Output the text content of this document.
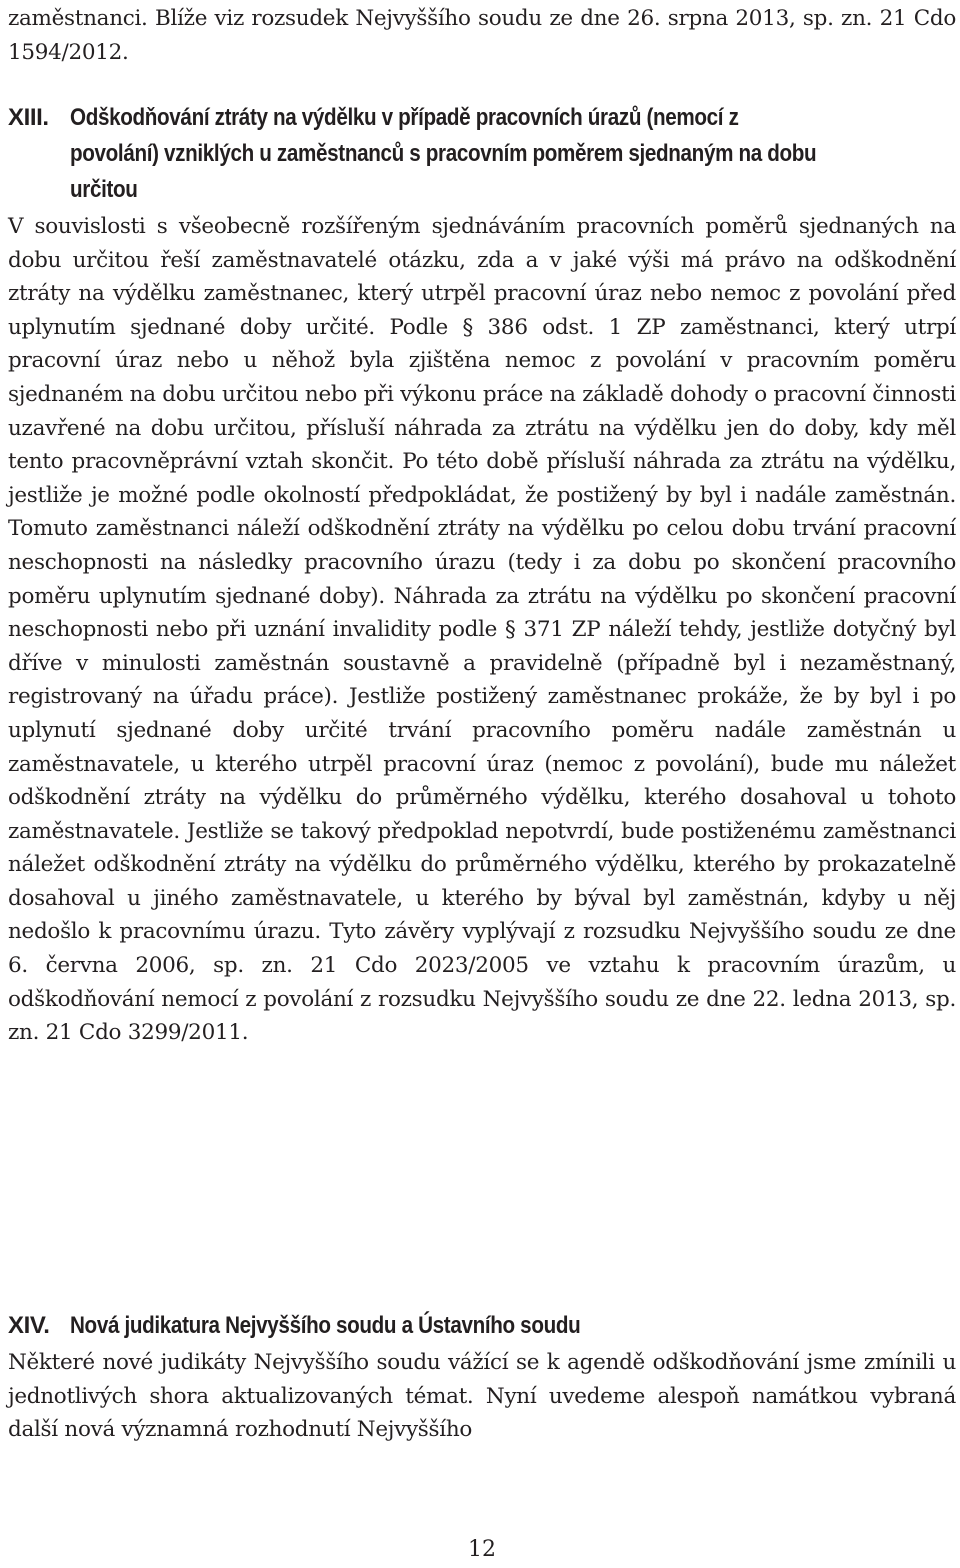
zaměstnanci. Blíže viz rozsudek Nejvyššího soudu ze dne 26. srpna 2013, sp. zn. 21 Cdo 1594/2012.

XIII. Odškodňování ztráty na výdělku v případě pracovních úrazů (nemocí z povolání) vzniklých u zaměstnanců s pracovním poměrem sjednaným na dobu určitou

V souvislosti s všeobecně rozšířeným sjednáváním pracovních poměrů sjednaných na dobu určitou řeší zaměstnavatelé otázku, zda a v jaké výši má právo na odškodnění ztráty na výdělku zaměstnanec, který utrpěl pracovní úraz nebo nemoc z povolání před uplynutím sjednané doby určité. Podle § 386 odst. 1 ZP zaměstnanci, který utrpí pracovní úraz nebo u něhož byla zjištěna nemoc z povolání v pracovním poměru sjednaném na dobu určitou nebo při výkonu práce na základě dohody o pracovní činnosti uzavřené na dobu určitou, přísluší náhrada za ztrátu na výdělku jen do doby, kdy měl tento pracovněprávní vztah skončit. Po této době přísluší náhrada za ztrátu na výdělku, jestliže je možné podle okolností předpokládat, že postižený by byl i nadále zaměstnán. Tomuto zaměstnanci náleží odškodnění ztráty na výdělku po celou dobu trvání pracovní neschopnosti na následky pracovního úrazu (tedy i za dobu po skončení pracovního poměru uplynutím sjednané doby). Náhrada za ztrátu na výdělku po skončení pracovní neschopnosti nebo při uznání invalidity podle § 371 ZP náleží tehdy, jestliže dotyčný byl dříve v minulosti zaměstnán soustavně a pravidelně (případně byl i nezaměstnaný, registrovaný na úřadu práce). Jestliže postižený zaměstnanec prokáže, že by byl i po uplynutí sjednané doby určité trvání pracovního poměru nadále zaměstnán u zaměstnavatele, u kterého utrpěl pracovní úraz (nemoc z povolání), bude mu náležet odškodnění ztráty na výdělku do průměrného výdělku, kterého dosahoval u tohoto zaměstnavatele. Jestliže se takový předpoklad nepotvrdí, bude postiženému zaměstnanci náležet odškodnění ztráty na výdělku do průměrného výdělku, kterého by prokazatelně dosahoval u jiného zaměstnavatele, u kterého by býval byl zaměstnán, kdyby u něj nedošlo k pracovnímu úrazu. Tyto závěry vyplývají z rozsudku Nejvyššího soudu ze dne 6. června 2006, sp. zn. 21 Cdo 2023/2005 ve vztahu k pracovním úrazům, u odškodňování nemocí z povolání z rozsudku Nejvyššího soudu ze dne 22. ledna 2013, sp. zn. 21 Cdo 3299/2011.

XIV. Nová judikatura Nejvyššího soudu a Ústavního soudu

Některé nové judikáty Nejvyššího soudu vážící se k agendě odškodňování jsme zmínili u jednotlivých shora aktualizovaných témat. Nyní uvedeme alespoň namátkou vybraná další nová významná rozhodnutí Nejvyššího

12
